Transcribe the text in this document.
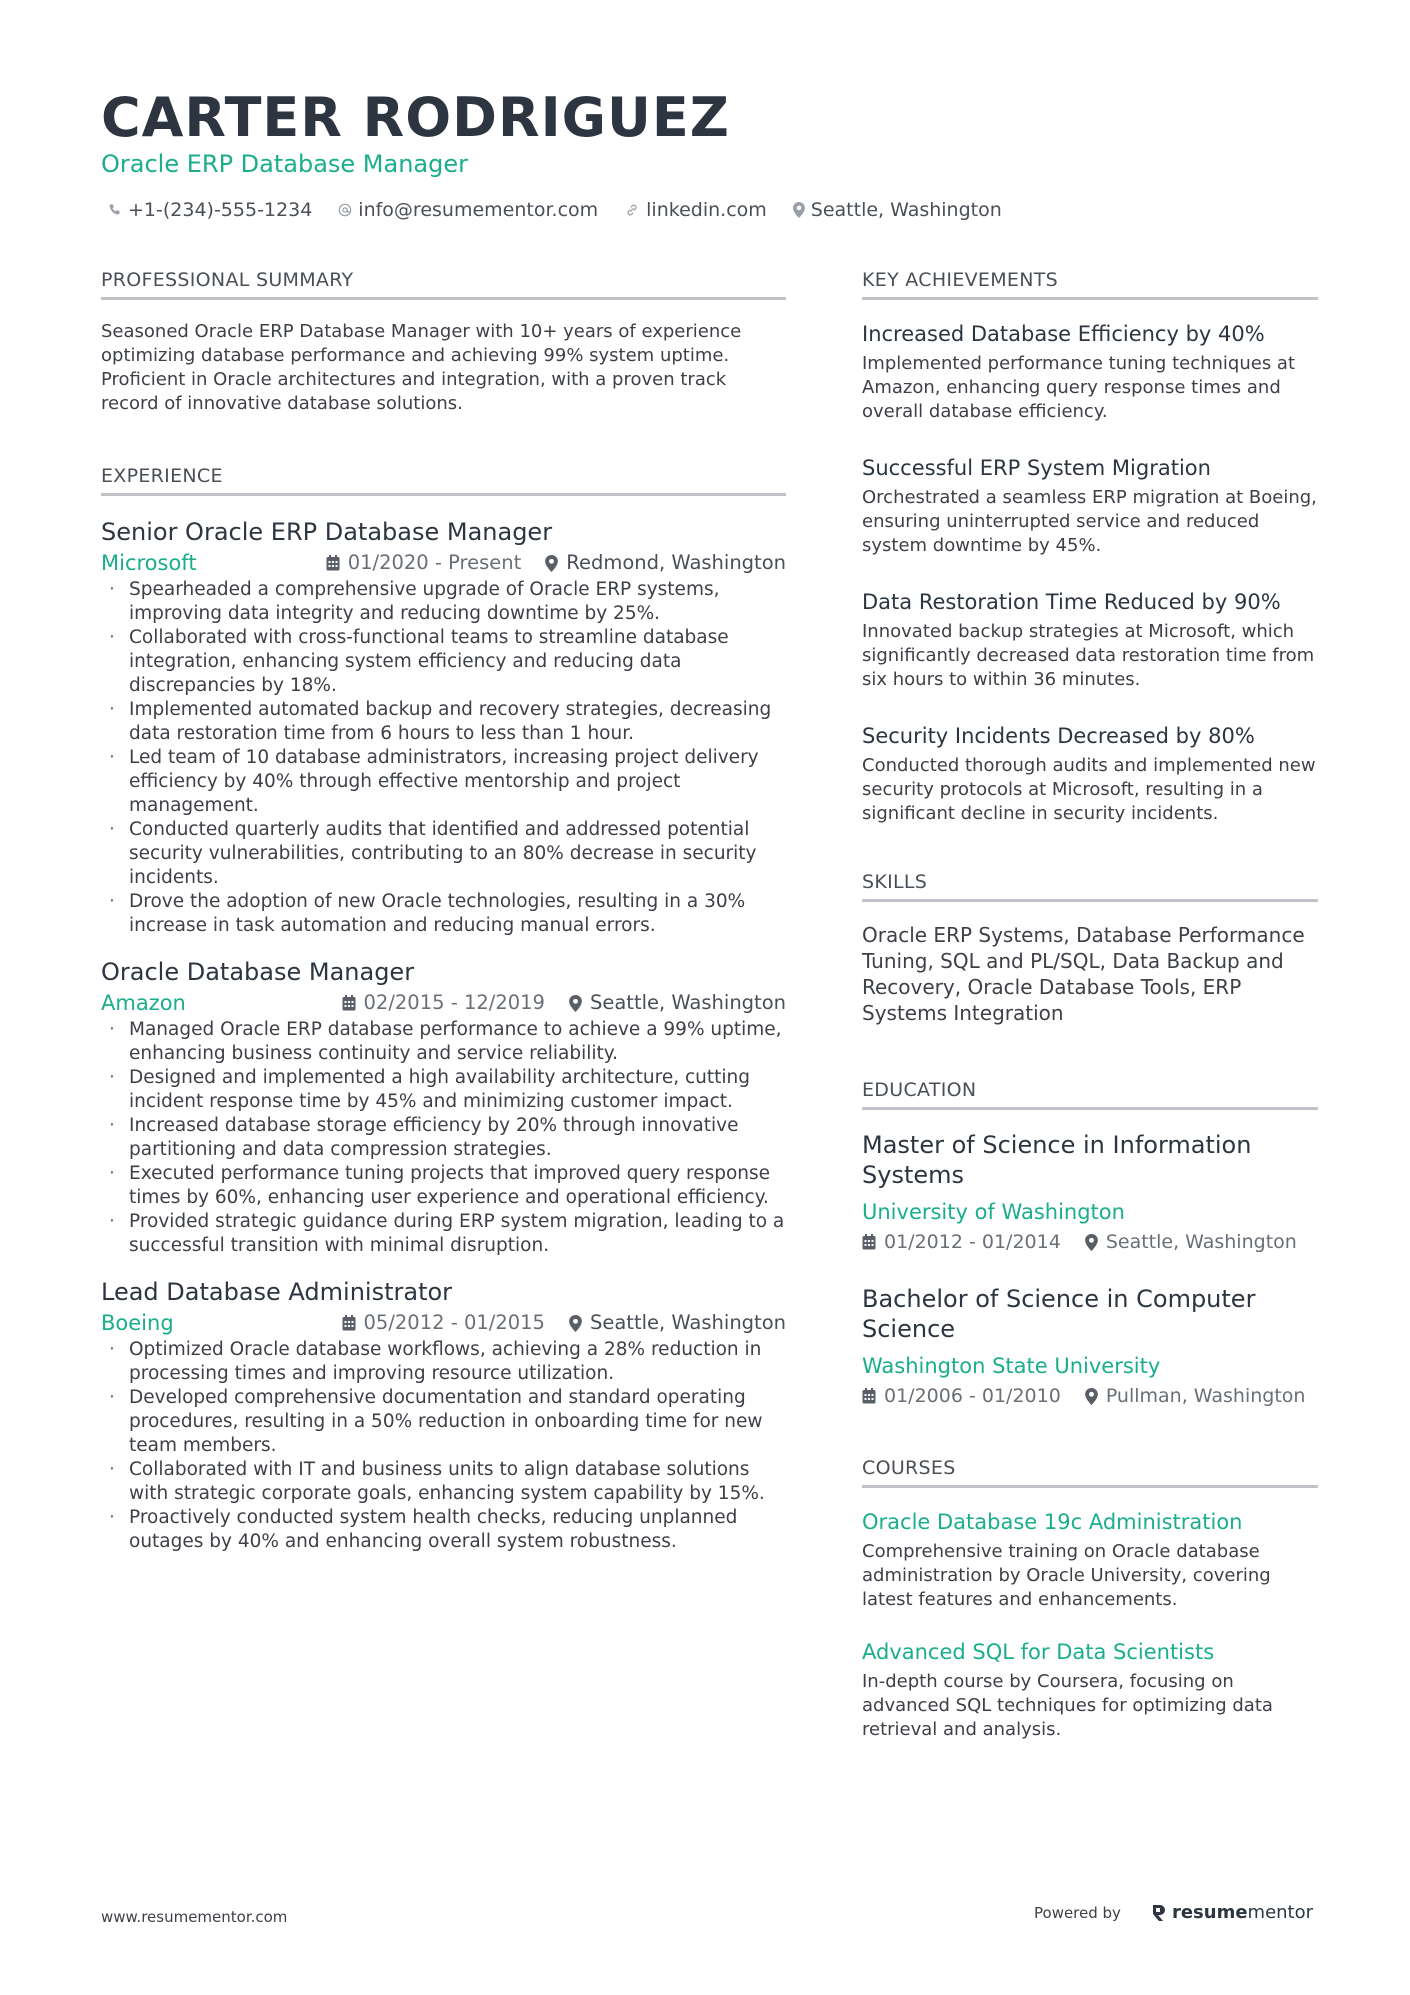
CARTER RODRIGUEZ
Oracle ERP Database Manager
+1-(234)-555-1234 info@resumementor.com	linkedin.com Seattle, Washington
PROFESSIONAL SUMMARY

Seasoned Oracle ERP Database Manager with 10+ years of experience optimizing database performance and achieving 99% system uptime. Proficient in Oracle architectures and integration, with a proven track record of innovative database solutions.

EXPERIENCE
Senior Oracle ERP Database Manager
Microsoft	01/2020 - Present Redmond, Washington
· Spearheaded a comprehensive upgrade of Oracle ERP systems, improving data integrity and reducing downtime by 25%.
· Collaborated with cross-functional teams to streamline database integration, enhancing system efficiency and reducing data discrepancies by 18%.
· Implemented automated backup and recovery strategies, decreasing data restoration time from 6 hours to less than 1 hour.
· Led team of 10 database administrators, increasing project delivery efficiency by 40% through effective mentorship and project management.
· Conducted quarterly audits that identified and addressed potential security vulnerabilities, contributing to an 80% decrease in security incidents.
· Drove the adoption of new Oracle technologies, resulting in a 30% increase in task automation and reducing manual errors.
Oracle Database Manager
Amazon	02/2015 - 12/2019 Seattle, Washington
· Managed Oracle ERP database performance to achieve a 99% uptime, enhancing business continuity and service reliability.
· Designed and implemented a high availability architecture, cutting incident response time by 45% and minimizing customer impact.
· Increased database storage efficiency by 20% through innovative partitioning and data compression strategies.
· Executed performance tuning projects that improved query response times by 60%, enhancing user experience and operational efficiency.
· Provided strategic guidance during ERP system migration, leading to a successful transition with minimal disruption.
Lead Database Administrator
Boeing	05/2012 - 01/2015 Seattle, Washington
· Optimized Oracle database workflows, achieving a 28% reduction in processing times and improving resource utilization.
· Developed comprehensive documentation and standard operating procedures, resulting in a 50% reduction in onboarding time for new team members.
· Collaborated with IT and business units to align database solutions with strategic corporate goals, enhancing system capability by 15%.
· Proactively conducted system health checks, reducing unplanned outages by 40% and enhancing overall system robustness.
KEY ACHIEVEMENTS
Increased Database Efficiency by 40%

Implemented performance tuning techniques at Amazon, enhancing query response times and overall database efficiency.

Successful ERP System Migration

Orchestrated a seamless ERP migration at Boeing, ensuring uninterrupted service and reduced system downtime by 45%.

Data Restoration Time Reduced by 90%

Innovated backup strategies at Microsoft, which significantly decreased data restoration time from six hours to within 36 minutes.

Security Incidents Decreased by 80%

Conducted thorough audits and implemented new security protocols at Microsoft, resulting in a significant decline in security incidents.

SKILLS

Oracle ERP Systems, Database Performance Tuning, SQL and PL/SQL, Data Backup and Recovery, Oracle Database Tools, ERP Systems Integration

EDUCATION
Master of Science in Information Systems
University of Washington
01/2012 - 01/2014 Seattle, Washington
Bachelor of Science in Computer Science
Washington State University
01/2006 - 01/2010 Pullman, Washington
COURSES
Oracle Database 19c Administration

Comprehensive training on Oracle database administration by Oracle University, covering latest features and enhancements.

Advanced SQL for Data Scientists

In-depth course by Coursera, focusing on advanced SQL techniques for optimizing data retrieval and analysis.

www.resumementor.com	Powered by	resume mentor
